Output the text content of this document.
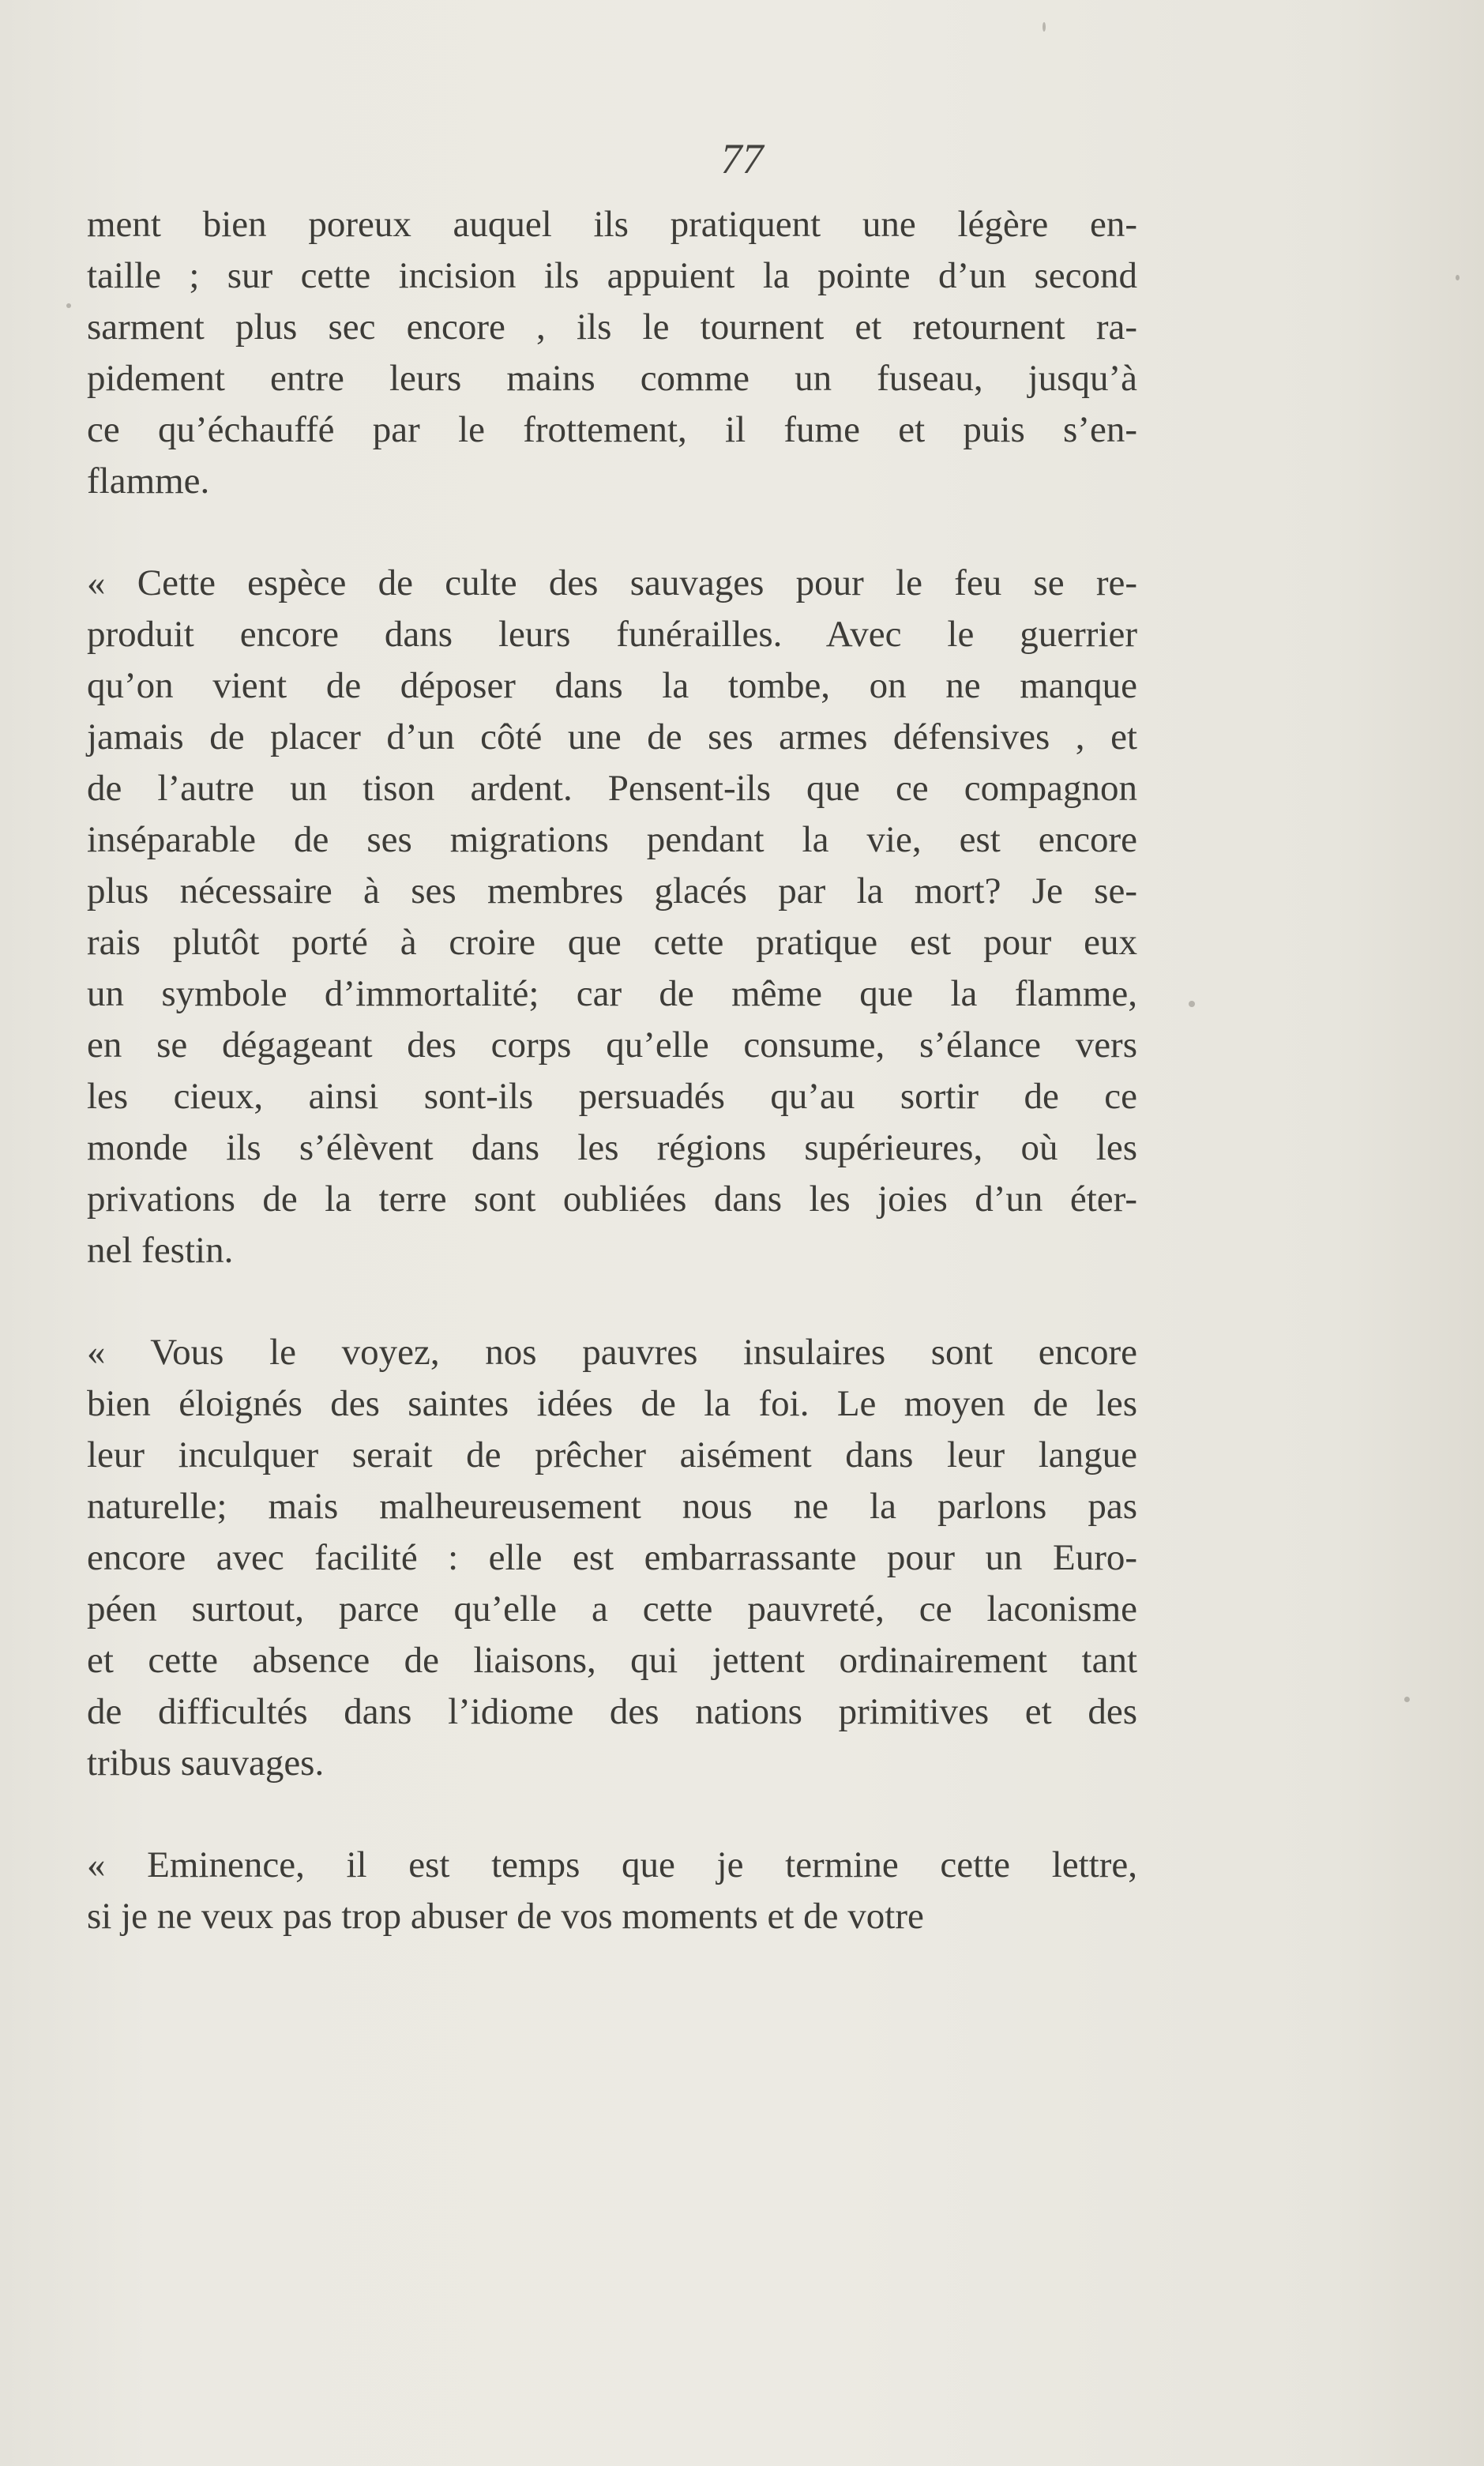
77

ment bien poreux auquel ils pratiquent une légère en-
taille ; sur cette incision ils appuient la pointe d’un second
sarment plus sec encore , ils le tournent et retournent ra-
pidement entre leurs mains comme un fuseau, jusqu’à
ce qu’échauffé par le frottement, il fume et puis s’en-
flamme.

« Cette espèce de culte des sauvages pour le feu se re-
produit encore dans leurs funérailles. Avec le guerrier
qu’on vient de déposer dans la tombe, on ne manque
jamais de placer d’un côté une de ses armes défensives , et
de l’autre un tison ardent. Pensent-ils que ce compagnon
inséparable de ses migrations pendant la vie, est encore
plus nécessaire à ses membres glacés par la mort? Je se-
rais plutôt porté à croire que cette pratique est pour eux
un symbole d’immortalité; car de même que la flamme,
en se dégageant des corps qu’elle consume, s’élance vers
les cieux, ainsi sont-ils persuadés qu’au sortir de ce
monde ils s’élèvent dans les régions supérieures, où les
privations de la terre sont oubliées dans les joies d’un éter-
nel festin.

« Vous le voyez, nos pauvres insulaires sont encore
bien éloignés des saintes idées de la foi. Le moyen de les
leur inculquer serait de prêcher aisément dans leur langue
naturelle; mais malheureusement nous ne la parlons pas
encore avec facilité : elle est embarrassante pour un Euro-
péen surtout, parce qu’elle a cette pauvreté, ce laconisme
et cette absence de liaisons, qui jettent ordinairement tant
de difficultés dans l’idiome des nations primitives et des
tribus sauvages.

« Eminence, il est temps que je termine cette lettre,
si je ne veux pas trop abuser de vos moments et de votre
